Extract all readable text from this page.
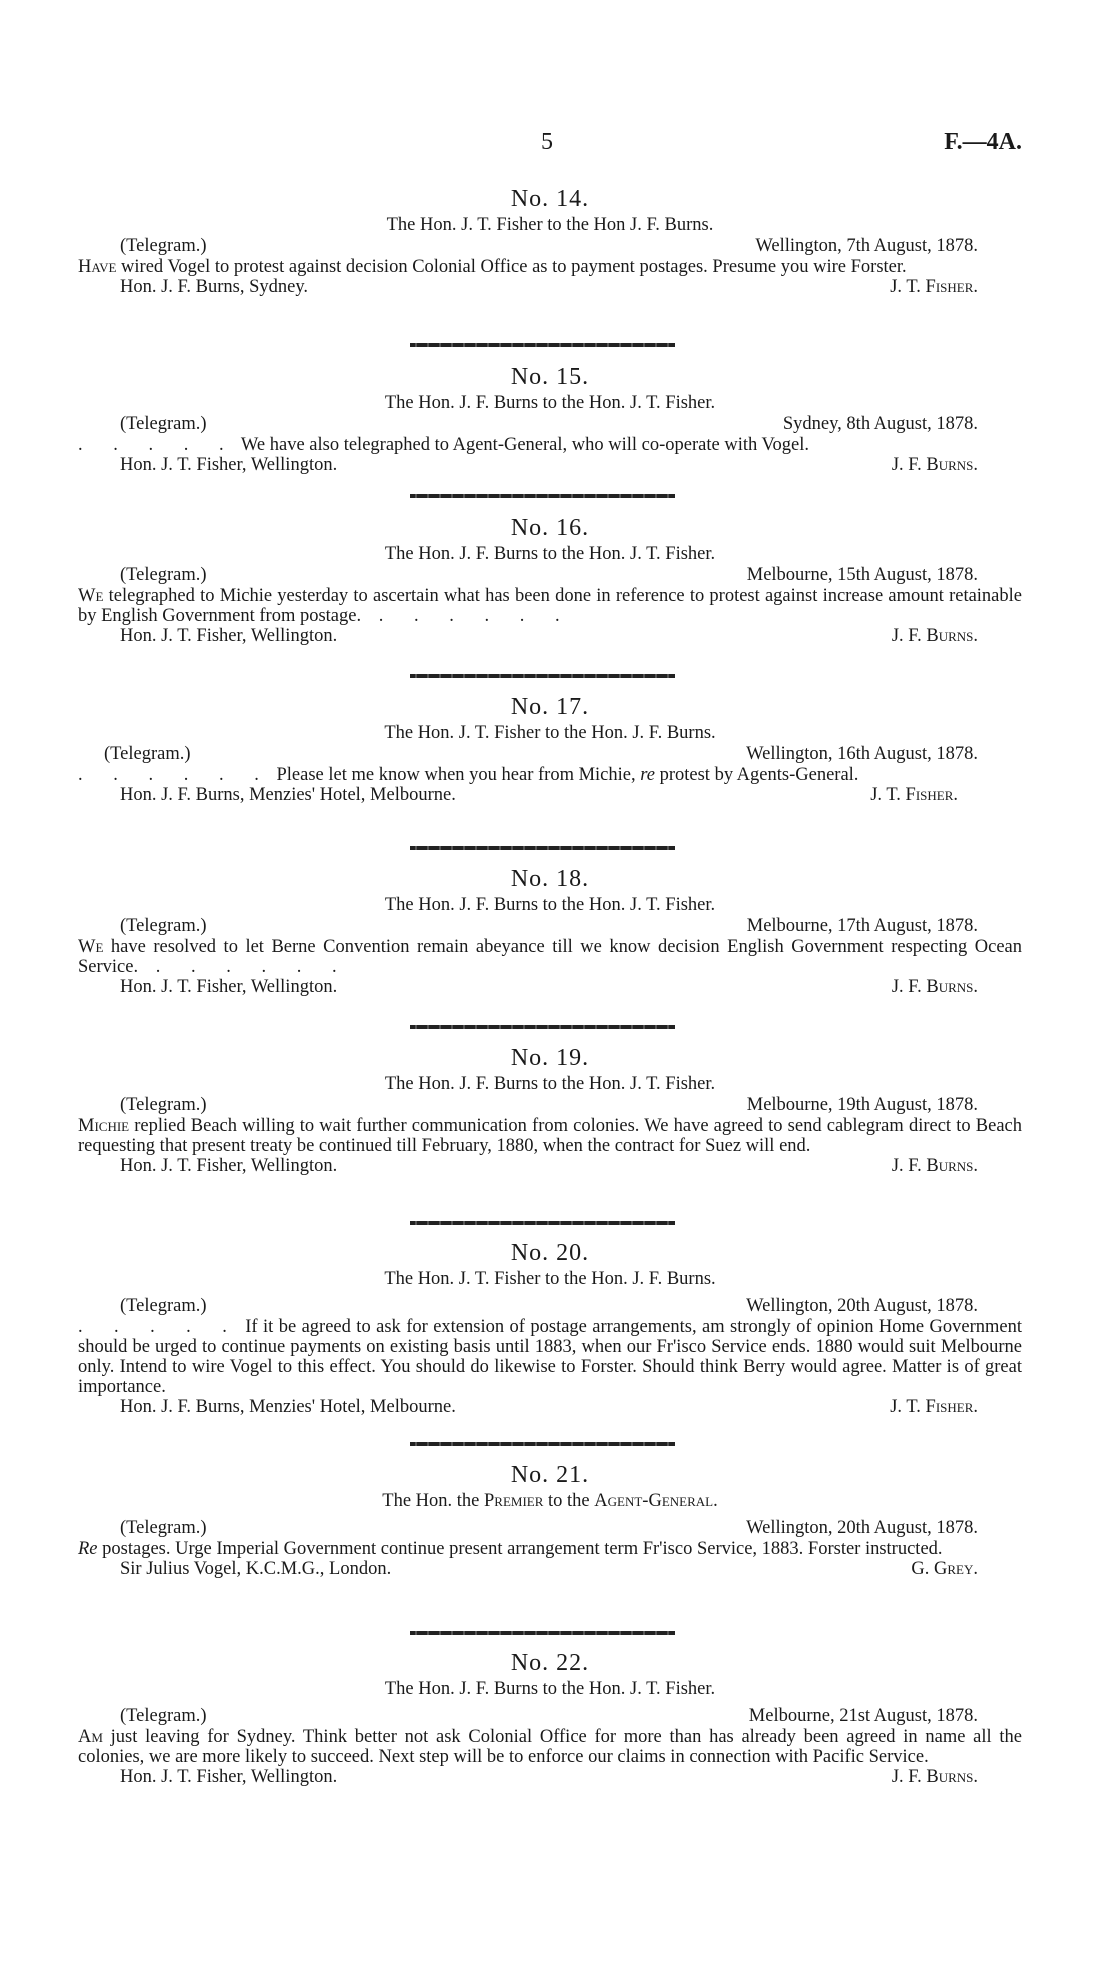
5	F.—4A.
No. 14.
The Hon. J. T. Fisher to the Hon J. F. Burns.
(Telegram.)	Wellington, 7th August, 1878.
Have wired Vogel to protest against decision Colonial Office as to payment postages. Presume you wire Forster.
Hon. J. F. Burns, Sydney.	J. T. Fisher.
No. 15.
The Hon. J. F. Burns to the Hon. J. T. Fisher.
(Telegram.)	Sydney, 8th August, 1878.
. . . . . We have also telegraphed to Agent-General, who will co-operate with Vogel.
Hon. J. T. Fisher, Wellington.	J. F. Burns.
No. 16.
The Hon. J. F. Burns to the Hon. J. T. Fisher.
(Telegram.)	Melbourne, 15th August, 1878.
We telegraphed to Michie yesterday to ascertain what has been done in reference to protest against increase amount retainable by English Government from postage. . . . . . .
Hon. J. T. Fisher, Wellington.	J. F. Burns.
No. 17.
The Hon. J. T. Fisher to the Hon. J. F. Burns.
(Telegram.)	Wellington, 16th August, 1878.
. . . . . . Please let me know when you hear from Michie, re protest by Agents-General.
Hon. J. F. Burns, Menzies' Hotel, Melbourne.	J. T. Fisher.
No. 18.
The Hon. J. F. Burns to the Hon. J. T. Fisher.
(Telegram.)	Melbourne, 17th August, 1878.
We have resolved to let Berne Convention remain abeyance till we know decision English Government respecting Ocean Service. . . . . . .
Hon. J. T. Fisher, Wellington.	J. F. Burns.
No. 19.
The Hon. J. F. Burns to the Hon. J. T. Fisher.
(Telegram.)	Melbourne, 19th August, 1878.
Michie replied Beach willing to wait further communication from colonies. We have agreed to send cablegram direct to Beach requesting that present treaty be continued till February, 1880, when the contract for Suez will end.
Hon. J. T. Fisher, Wellington.	J. F. Burns.
No. 20.
The Hon. J. T. Fisher to the Hon. J. F. Burns.
(Telegram.)	Wellington, 20th August, 1878.
. . . . . If it be agreed to ask for extension of postage arrangements, am strongly of opinion Home Government should be urged to continue payments on existing basis until 1883, when our Fr'isco Service ends. 1880 would suit Melbourne only. Intend to wire Vogel to this effect. You should do likewise to Forster. Should think Berry would agree. Matter is of great importance.
Hon. J. F. Burns, Menzies' Hotel, Melbourne.	J. T. Fisher.
No. 21.
The Hon. the Premier to the Agent-General.
(Telegram.)	Wellington, 20th August, 1878.
Re postages. Urge Imperial Government continue present arrangement term Fr'isco Service, 1883. Forster instructed.
Sir Julius Vogel, K.C.M.G., London.	G. Grey.
No. 22.
The Hon. J. F. Burns to the Hon. J. T. Fisher.
(Telegram.)	Melbourne, 21st August, 1878.
Am just leaving for Sydney. Think better not ask Colonial Office for more than has already been agreed in name all the colonies, we are more likely to succeed. Next step will be to enforce our claims in connection with Pacific Service.
Hon. J. T. Fisher, Wellington.	J. F. Burns.
